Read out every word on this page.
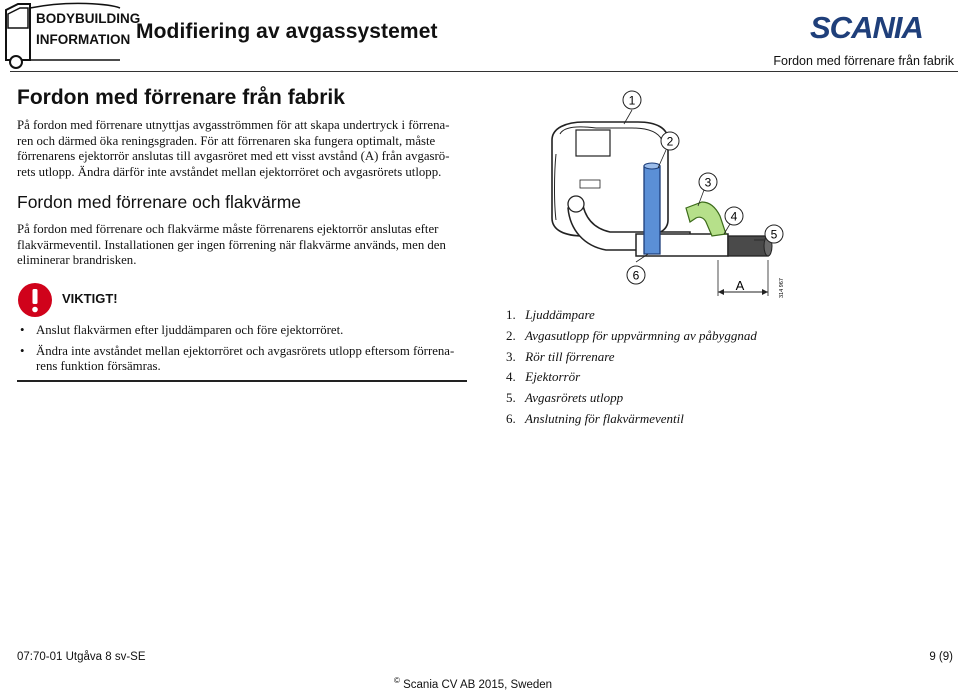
BODYBUILDING
INFORMATION Modifiering av avgassystemet	SCANIA
Fordon med förrenare från fabrik
Fordon med förrenare från fabrik
På fordon med förrenare utnyttjas avgasströmmen för att skapa undertryck i förrena-
ren och därmed öka reningsgraden. För att förrenaren ska fungera optimalt, måste
förrenarens ejektorrör anslutas till avgasröret med ett visst avstånd (A) från avgasrö-
rets utlopp. Ändra därför inte avståndet mellan ejektorröret och avgasrörets utlopp.
Fordon med förrenare och flakvärme
På fordon med förrenare och flakvärme måste förrenarens ejektorrör anslutas efter
flakvärmeventil. Installationen ger ingen förrening när flakvärme används, men den
eliminerar brandrisken.
VIKTIGT!
• Anslut flakvärmen efter ljuddämparen och före ejektorröret.
• Ändra inte avståndet mellan ejektorröret och avgasrörets utlopp eftersom förrena-
rens funktion försämras.
1
2
3
4
5
6
A	314 967
1. Ljuddämpare
2. Avgasutlopp för uppvärmning av påbyggnad
3. Rör till förrenare
4. Ejektorrör
5. Avgasrörets utlopp
6. Anslutning för flakvärmeventil
07:70-01 Utgåva 8 sv-SE	9 (9)
© Scania CV AB 2015, Sweden
